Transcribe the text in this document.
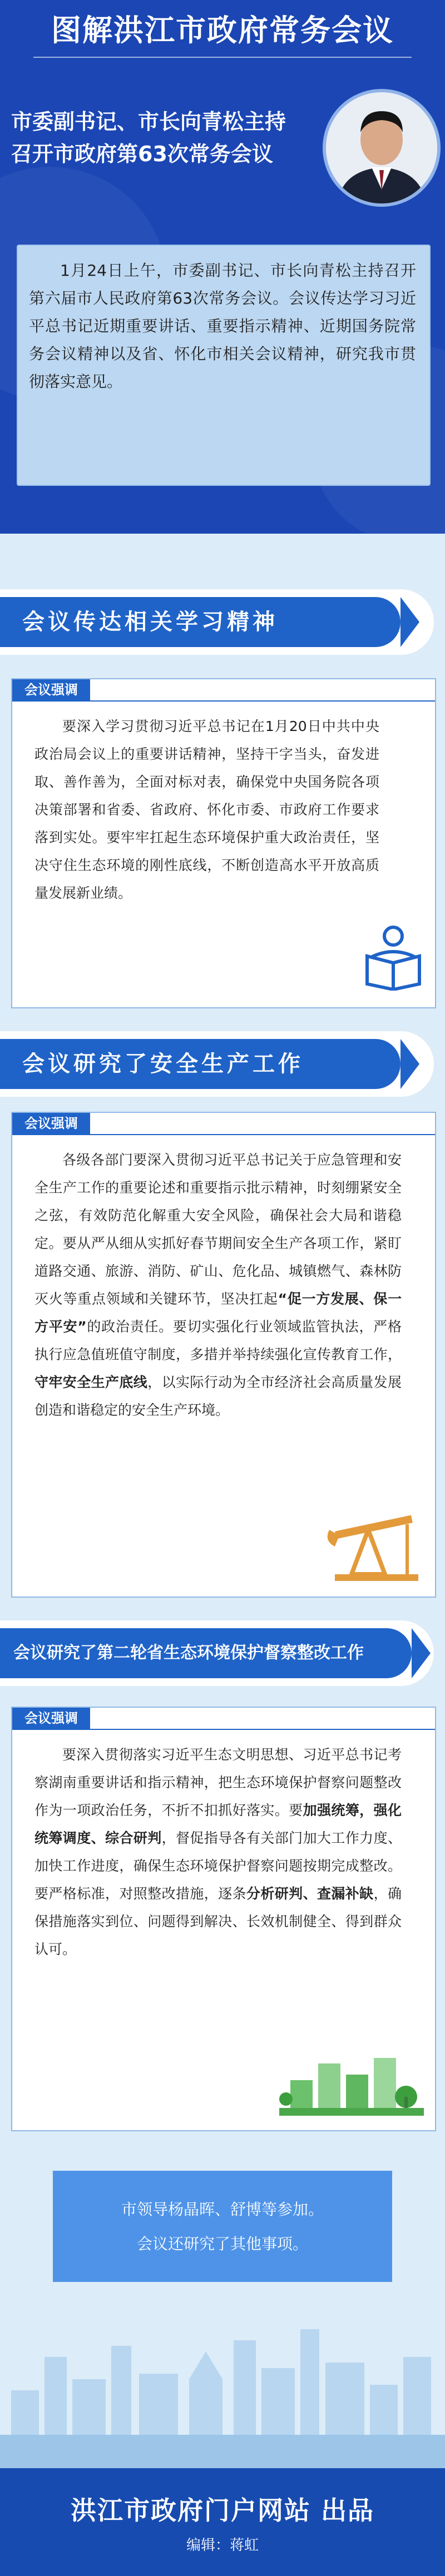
图解洪江市政府常务会议
市委副书记、市长向青松主持
召开市政府第63次常务会议
1月24日上午，市委副书记、市长向青松主持召开第六届市人民政府第63次常务会议。会议传达学习习近平总书记近期重要讲话、重要指示精神、近期国务院常务会议精神以及省、怀化市相关会议精神，研究我市贯彻落实意见。
会议传达相关学习精神
会议强调
要深入学习贯彻习近平总书记在1月20日中共中央政治局会议上的重要讲话精神，坚持干字当头，奋发进取、善作善为，全面对标对表，确保党中央国务院各项决策部署和省委、省政府、怀化市委、市政府工作要求落到实处。要牢牢扛起生态环境保护重大政治责任，坚决守住生态环境的刚性底线，不断创造高水平开放高质量发展新业绩。
会议研究了安全生产工作
会议强调
各级各部门要深入贯彻习近平总书记关于应急管理和安全生产工作的重要论述和重要指示批示精神，时刻绷紧安全之弦，有效防范化解重大安全风险，确保社会大局和谐稳定。要从严从细从实抓好春节期间安全生产各项工作，紧盯道路交通、旅游、消防、矿山、危化品、城镇燃气、森林防灭火等重点领域和关键环节，坚决扛起“促一方发展、保一方平安”的政治责任。要切实强化行业领域监管执法，严格执行应急值班值守制度，多措并举持续强化宣传教育工作，守牢安全生产底线，以实际行动为全市经济社会高质量发展创造和谐稳定的安全生产环境。
会议研究了第二轮省生态环境保护督察整改工作
会议强调
要深入贯彻落实习近平生态文明思想、习近平总书记考察湖南重要讲话和指示精神，把生态环境保护督察问题整改作为一项政治任务，不折不扣抓好落实。要加强统筹，强化统筹调度、综合研判，督促指导各有关部门加大工作力度、加快工作进度，确保生态环境保护督察问题按期完成整改。要严格标准，对照整改措施，逐条分析研判、查漏补缺，确保措施落实到位、问题得到解决、长效机制健全、得到群众认可。
市领导杨晶晖、舒博等参加。
会议还研究了其他事项。
洪江市政府门户网站 出品
编辑：蒋虹
